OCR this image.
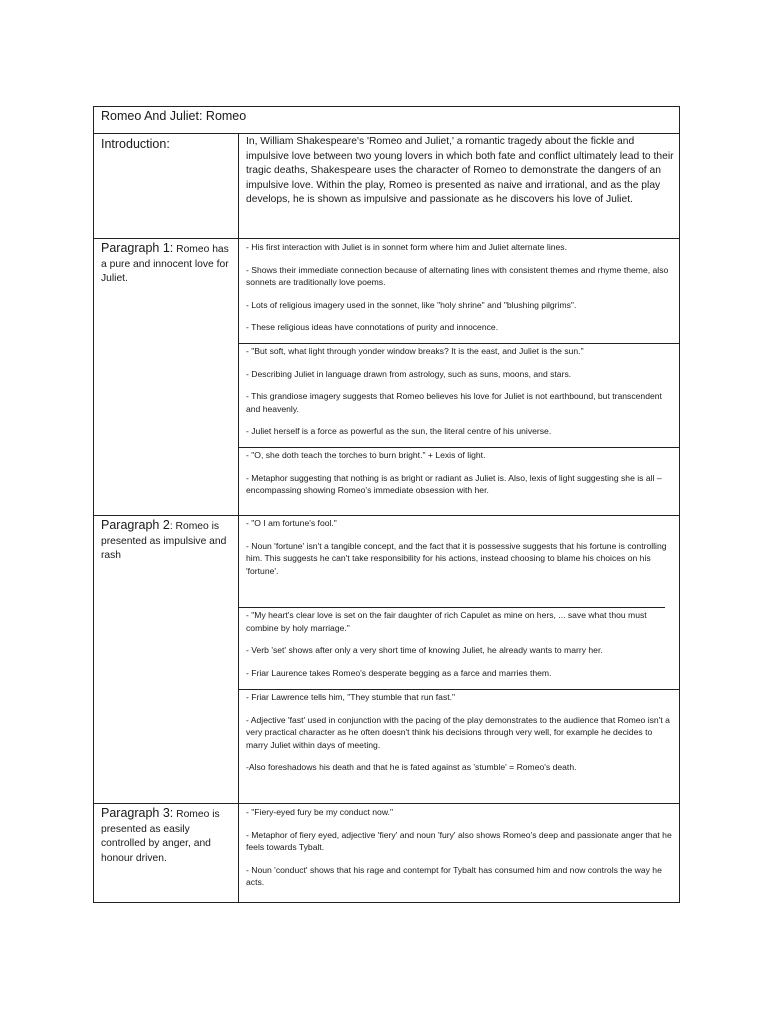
Romeo And Juliet: Romeo
Introduction:	In, William Shakespeare's 'Romeo and Juliet,' a romantic tragedy about the fickle and impulsive love between two young lovers in which both fate and conflict ultimately lead to their tragic deaths, Shakespeare uses the character of Romeo to demonstrate the dangers of an impulsive love. Within the play, Romeo is presented as naive and irrational, and as the play develops, he is shown as impulsive and passionate as he discovers his love of Juliet.
Paragraph 1: Romeo has a pure and innocent love for Juliet.

- His first interaction with Juliet is in sonnet form where him and Juliet alternate lines.

- Shows their immediate connection because of alternating lines with consistent themes and rhyme theme, also sonnets are traditionally love poems.

- Lots of religious imagery used in the sonnet, like "holy shrine" and "blushing pilgrims".

- These religious ideas have connotations of purity and innocence.

- "But soft, what light through yonder window breaks? It is the east, and Juliet is the sun."

- Describing Juliet in language drawn from astrology, such as suns, moons, and stars.

- This grandiose imagery suggests that Romeo believes his love for Juliet is not earthbound, but transcendent and heavenly.

- Juliet herself is a force as powerful as the sun, the literal centre of his universe.

- "O, she doth teach the torches to burn bright." + Lexis of light.

- Metaphor suggesting that nothing is as bright or radiant as Juliet is. Also, lexis of light suggesting she is all – encompassing showing Romeo's immediate obsession with her.

Paragraph 2: Romeo is presented as impulsive and rash

- "O I am fortune's fool."

- Noun 'fortune' isn't a tangible concept, and the fact that it is possessive suggests that his fortune is controlling him. This suggests he can't take responsibility for his actions, instead choosing to blame his choices on his 'fortune'.

- "My heart's clear love is set on the fair daughter of rich Capulet as mine on hers, ... save what thou must combine by holy marriage."

- Verb 'set' shows after only a very short time of knowing Juliet, he already wants to marry her.

- Friar Laurence takes Romeo's desperate begging as a farce and marries them.

- Friar Lawrence tells him, "They stumble that run fast."

- Adjective 'fast' used in conjunction with the pacing of the play demonstrates to the audience that Romeo isn't a very practical character as he often doesn't think his decisions through very well, for example he decides to marry Juliet within days of meeting.

-Also foreshadows his death and that he is fated against as 'stumble' = Romeo's death.

Paragraph 3: Romeo is presented as easily controlled by anger, and honour driven.

- "Fiery-eyed fury be my conduct now."

- Metaphor of fiery eyed, adjective 'fiery' and noun 'fury' also shows Romeo's deep and passionate anger that he feels towards Tybalt.

- Noun 'conduct' shows that his rage and contempt for Tybalt has consumed him and now controls the way he acts.
